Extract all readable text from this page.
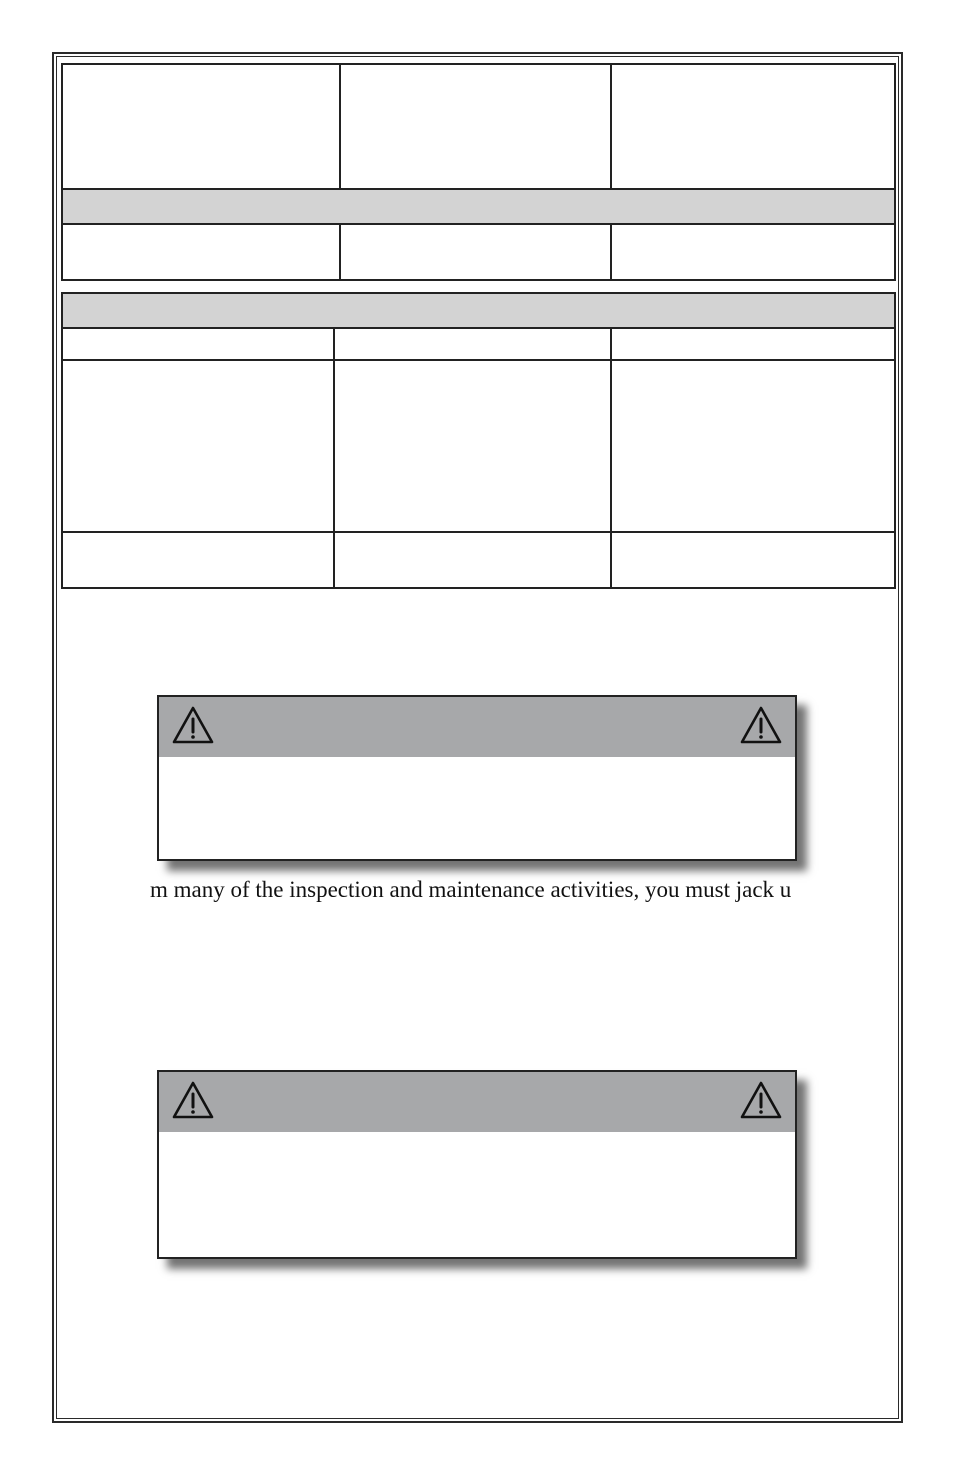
m many of the inspection and maintenance activities, you must jack u
